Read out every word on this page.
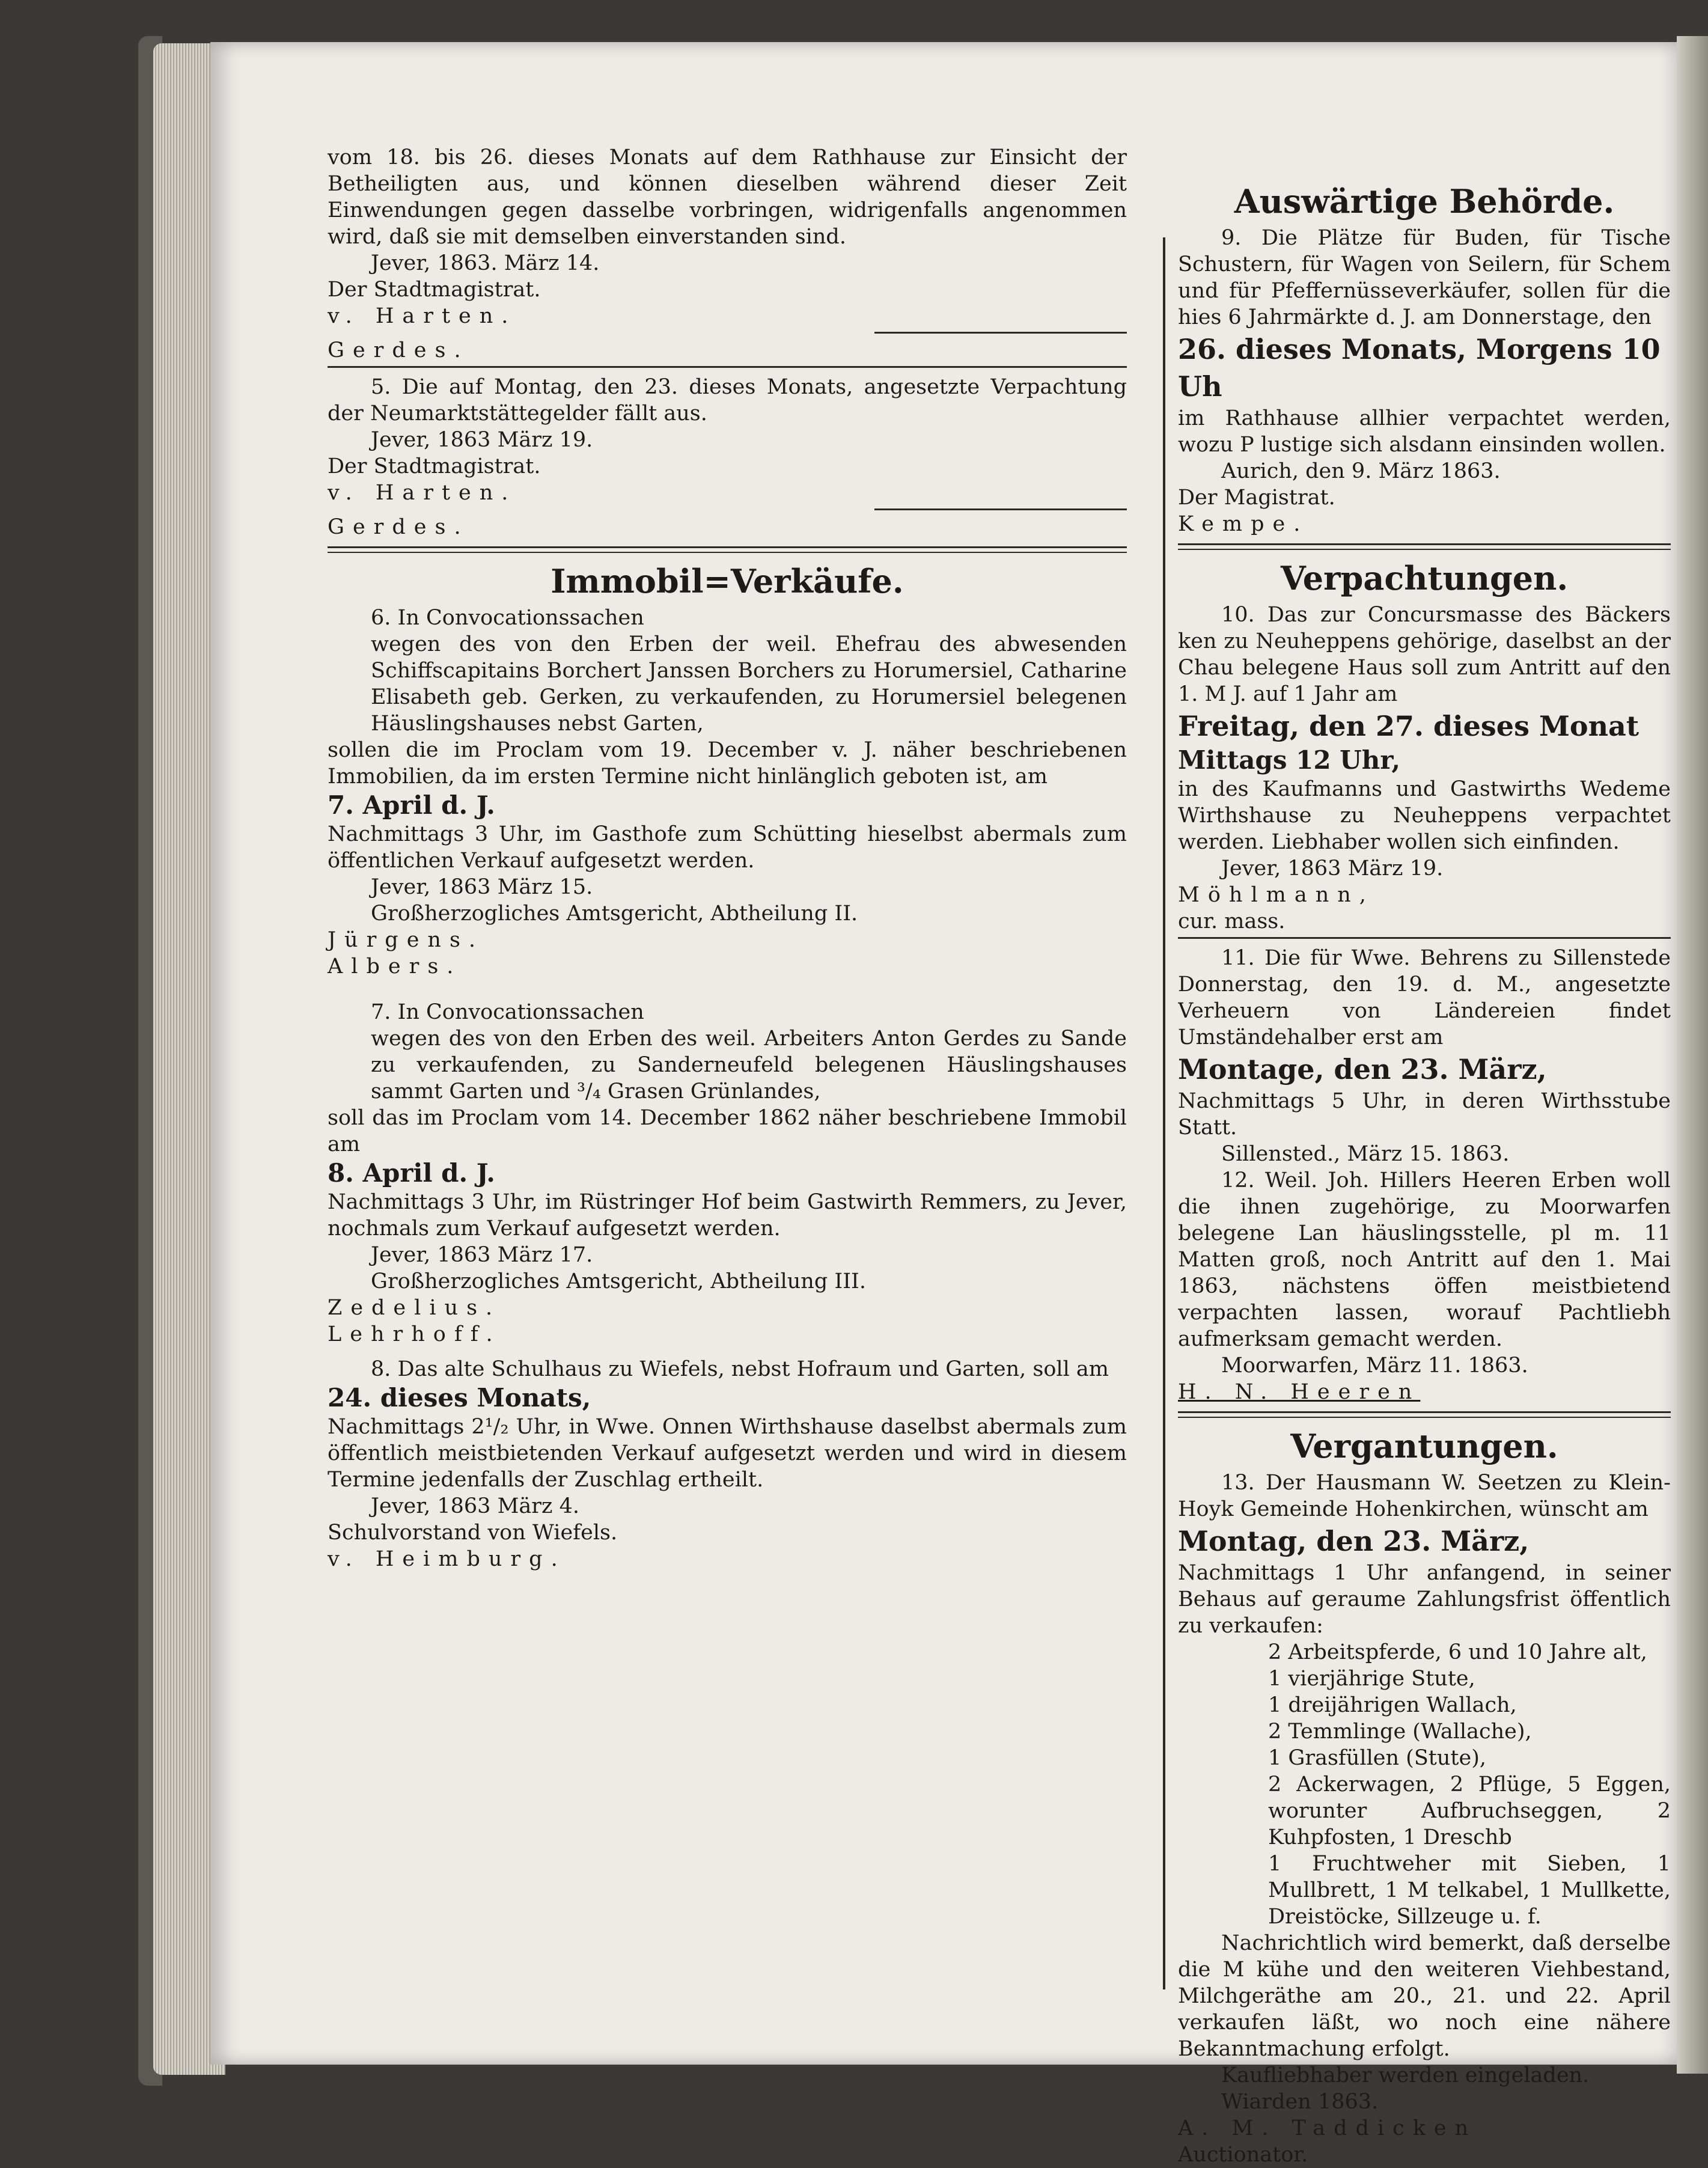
vom 18. bis 26. dieses Monats auf dem Rathhause zur Einsicht der Betheiligten aus, und können dieselben während dieser Zeit Einwendungen gegen dasselbe vorbringen, widrigenfalls angenommen wird, daß sie mit demselben einverstanden sind.

Jever, 1863. März 14.

Der Stadtmagistrat.

v. Harten.

Gerdes.

5. Die auf Montag, den 23. dieses Monats, angesetzte Verpachtung der Neumarktstättegelder fällt aus.

Jever, 1863 März 19.

Der Stadtmagistrat.

v. Harten.

Gerdes.

Immobil=Verkäufe.

6. In Convocationssachen

wegen des von den Erben der weil. Ehefrau des abwesenden Schiffscapitains Borchert Janssen Borchers zu Horumersiel, Catharine Elisabeth geb. Gerken, zu verkaufenden, zu Horumersiel belegenen Häuslingshauses nebst Garten,

sollen die im Proclam vom 19. December v. J. näher beschriebenen Immobilien, da im ersten Termine nicht hinlänglich geboten ist, am

7. April d. J.

Nachmittags 3 Uhr, im Gasthofe zum Schütting hieselbst abermals zum öffentlichen Verkauf aufgesetzt werden.

Jever, 1863 März 15.

Großherzogliches Amtsgericht, Abtheilung II.

Jürgens.

Albers.

7. In Convocationssachen

wegen des von den Erben des weil. Arbeiters Anton Gerdes zu Sande zu verkaufenden, zu Sanderneufeld belegenen Häuslingshauses sammt Garten und ³/₄ Grasen Grünlandes,

soll das im Proclam vom 14. December 1862 näher beschriebene Immobil am

8. April d. J.

Nachmittags 3 Uhr, im Rüstringer Hof beim Gastwirth Remmers, zu Jever, nochmals zum Verkauf aufgesetzt werden.

Jever, 1863 März 17.

Großherzogliches Amtsgericht, Abtheilung III.

Zedelius.

Lehrhoff.

8. Das alte Schulhaus zu Wiefels, nebst Hofraum und Garten, soll am

24. dieses Monats,

Nachmittags 2¹/₂ Uhr, in Wwe. Onnen Wirthshause daselbst abermals zum öffentlich meistbietenden Verkauf aufgesetzt werden und wird in diesem Termine jedenfalls der Zuschlag ertheilt.

Jever, 1863 März 4.

Schulvorstand von Wiefels.

v. Heimburg.

Auswärtige Behörde.

9. Die Plätze für Buden, für Tische Schustern, für Wagen von Seilern, für Schem und für Pfeffernüsseverkäufer, sollen für die hies 6 Jahrmärkte d. J. am Donnerstage, den

26. dieses Monats, Morgens 10 Uh

im Rathhause allhier verpachtet werden, wozu P lustige sich alsdann einsinden wollen.

Aurich, den 9. März 1863.

Der Magistrat.

Kempe.

Verpachtungen.

10. Das zur Concursmasse des Bäckers ken zu Neuheppens gehörige, daselbst an der Chau belegene Haus soll zum Antritt auf den 1. M J. auf 1 Jahr am

Freitag, den 27. dieses Monat

Mittags 12 Uhr,

in des Kaufmanns und Gastwirths Wedeme Wirthshause zu Neuheppens verpachtet werden. Liebhaber wollen sich einfinden.

Jever, 1863 März 19.

Möhlmann,

cur. mass.

11. Die für Wwe. Behrens zu Sillenstede Donnerstag, den 19. d. M., angesetzte Verheuern von Ländereien findet Umständehalber erst am

Montage, den 23. März,

Nachmittags 5 Uhr, in deren Wirthsstube Statt.

Sillensted., März 15. 1863.

12. Weil. Joh. Hillers Heeren Erben woll die ihnen zugehörige, zu Moorwarfen belegene Lan häuslingsstelle, pl m. 11 Matten groß, noch Antritt auf den 1. Mai 1863, nächstens öffen meistbietend verpachten lassen, worauf Pachtliebh aufmerksam gemacht werden.

Moorwarfen, März 11. 1863.

H. N. Heeren

Vergantungen.

13. Der Hausmann W. Seetzen zu Klein-Hoyk Gemeinde Hohenkirchen, wünscht am

Montag, den 23. März,

Nachmittags 1 Uhr anfangend, in seiner Behaus auf geraume Zahlungsfrist öffentlich zu verkaufen:

2 Arbeitspferde, 6 und 10 Jahre alt,

1 vierjährige Stute,

1 dreijährigen Wallach,

2 Temmlinge (Wallache),

1 Grasfüllen (Stute),

2 Ackerwagen, 2 Pflüge, 5 Eggen, worunter Aufbruchseggen, 2 Kuhpfosten, 1 Dreschb

1 Fruchtweher mit Sieben, 1 Mullbrett, 1 M telkabel, 1 Mullkette, Dreistöcke, Sillzeuge u. f.

Nachrichtlich wird bemerkt, daß derselbe die M kühe und den weiteren Viehbestand, Milchgeräthe am 20., 21. und 22. April verkaufen läßt, wo noch eine nähere Bekanntmachung erfolgt.

Kaufliebhaber werden eingeladen.

Wiarden 1863.

A. M. Taddicken

Auctionator.
